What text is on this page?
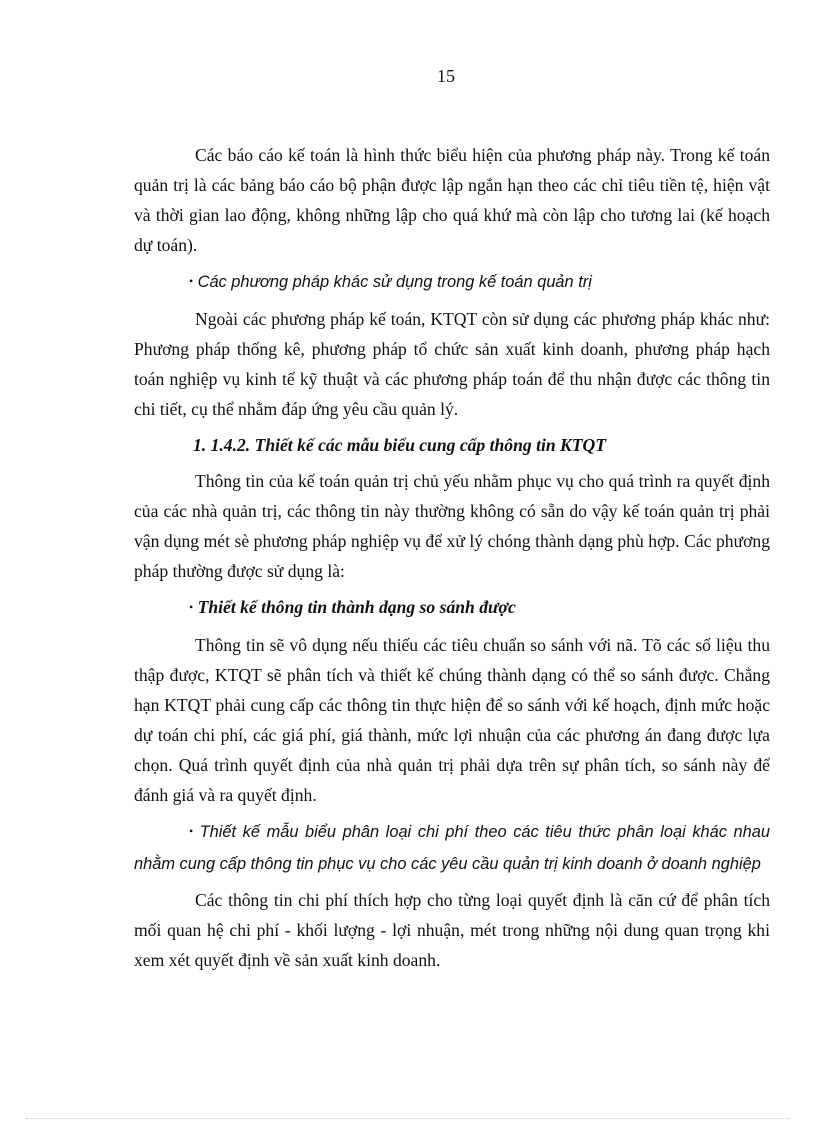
15

Các báo cáo kế toán là hình thức biểu hiện của phương pháp này. Trong kế toán quản trị là các bảng báo cáo bộ phận được lập ngắn hạn theo các chỉ tiêu tiền tệ, hiện vật và thời gian lao động, không những lập cho quá khứ mà còn lập cho tương lai (kế hoạch dự toán).

• Các phương pháp khác sử dụng trong kế toán quản trị

Ngoài các phương pháp kế toán, KTQT còn sử dụng các phương pháp khác như: Phương pháp thống kê, phương pháp tổ chức sản xuất kinh doanh, phương pháp hạch toán nghiệp vụ kinh tế kỹ thuật và các phương pháp toán để thu nhận được các thông tin chi tiết, cụ thể nhằm đáp ứng yêu cầu quản lý.

1. 1.4.2. Thiết kế các mẫu biểu cung cấp thông tin KTQT

Thông tin của kế toán quản trị chủ yếu nhằm phục vụ cho quá trình ra quyết định của các nhà quản trị, các thông tin này thường không có sẵn do vậy kế toán quản trị phải vận dụng mét sè phương pháp nghiệp vụ để xử lý chóng thành dạng phù hợp. Các phương pháp thường được sử dụng là:

• Thiết kế thông tin thành dạng so sánh được

Thông tin sẽ vô dụng nếu thiếu các tiêu chuẩn so sánh với nã. Tõ các số liệu thu thập được, KTQT sẽ phân tích và thiết kế chúng thành dạng có thể so sánh được. Chẳng hạn KTQT phải cung cấp các thông tin thực hiện để so sánh với kế hoạch, định mức hoặc dự toán chi phí, các giá phí, giá thành, mức lợi nhuận của các phương án đang được lựa chọn. Quá trình quyết định của nhà quản trị phải dựa trên sự phân tích, so sánh này để đánh giá và ra quyết định.

• Thiết kế mẫu biểu phân loại chi phí theo các tiêu thức phân loại khác nhau nhằm cung cấp thông tin phục vụ cho các yêu cầu quản trị kinh doanh ở doanh nghiệp

Các thông tin chi phí thích hợp cho từng loại quyết định là căn cứ để phân tích mối quan hệ chi phí - khối lượng - lợi nhuận, mét trong những nội dung quan trọng khi xem xét quyết định về sản xuất kinh doanh.
